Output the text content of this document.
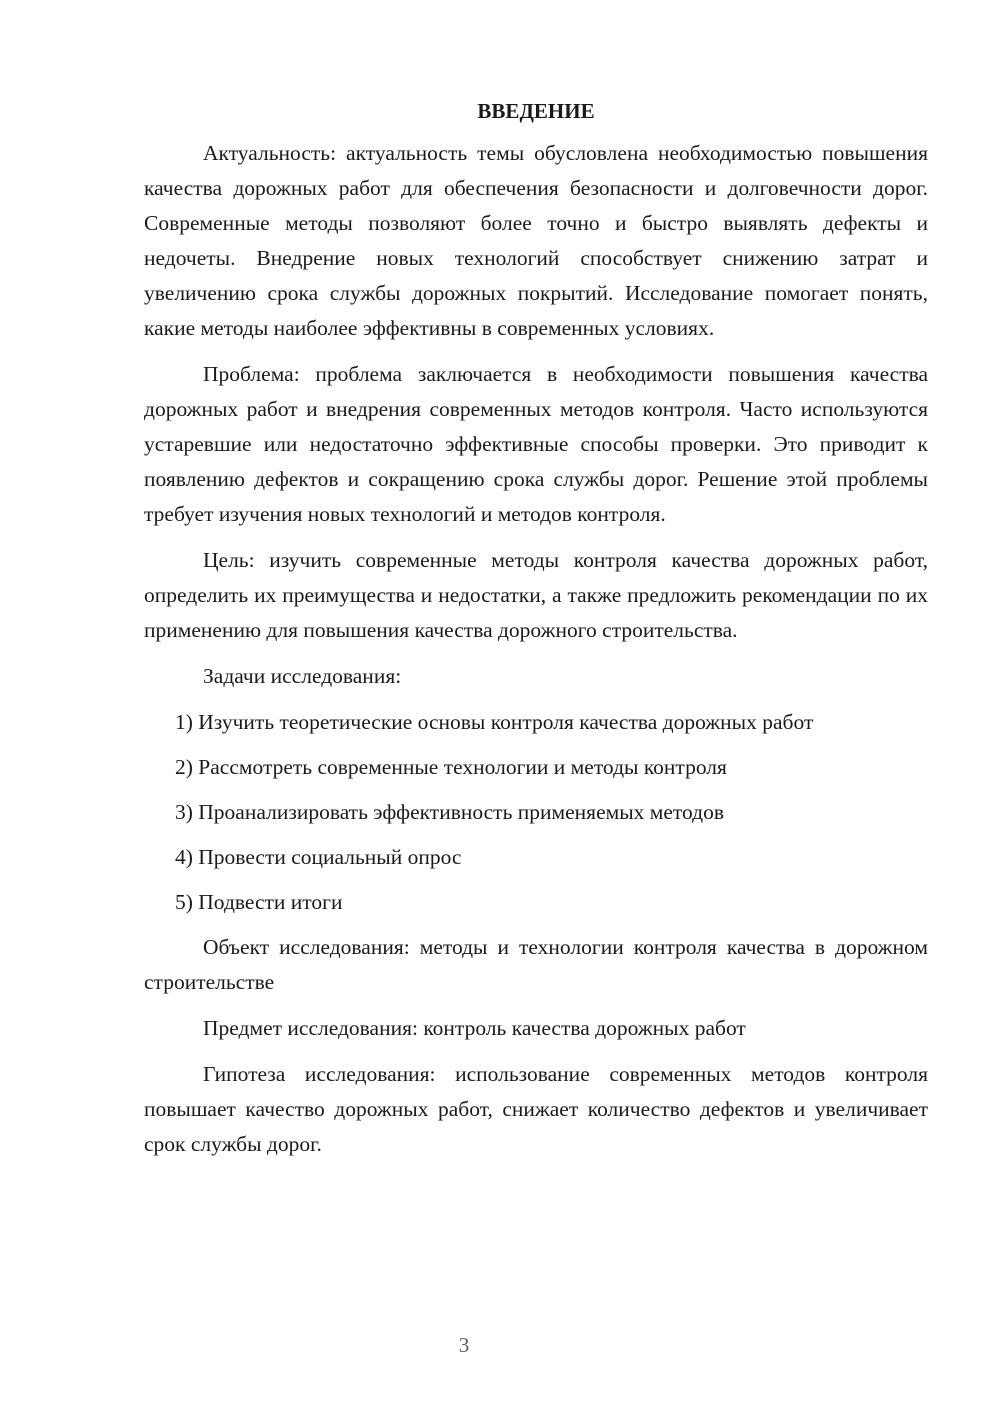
ВВЕДЕНИЕ

Актуальность: актуальность темы обусловлена необходимостью повышения качества дорожных работ для обеспечения безопасности и долговечности дорог. Современные методы позволяют более точно и быстро выявлять дефекты и недочеты. Внедрение новых технологий способствует снижению затрат и увеличению срока службы дорожных покрытий. Исследование помогает понять, какие методы наиболее эффективны в современных условиях.

Проблема: проблема заключается в необходимости повышения качества дорожных работ и внедрения современных методов контроля. Часто используются устаревшие или недостаточно эффективные способы проверки. Это приводит к появлению дефектов и сокращению срока службы дорог. Решение этой проблемы требует изучения новых технологий и методов контроля.

Цель: изучить современные методы контроля качества дорожных работ, определить их преимущества и недостатки, а также предложить рекомендации по их применению для повышения качества дорожного строительства.

Задачи исследования:

1) Изучить теоретические основы контроля качества дорожных работ
2) Рассмотреть современные технологии и методы контроля
3) Проанализировать эффективность применяемых методов
4) Провести социальный опрос
5) Подвести итоги

Объект исследования: методы и технологии контроля качества в дорожном строительстве

Предмет исследования: контроль качества дорожных работ

Гипотеза исследования: использование современных методов контроля повышает качество дорожных работ, снижает количество дефектов и увеличивает срок службы дорог.

3
